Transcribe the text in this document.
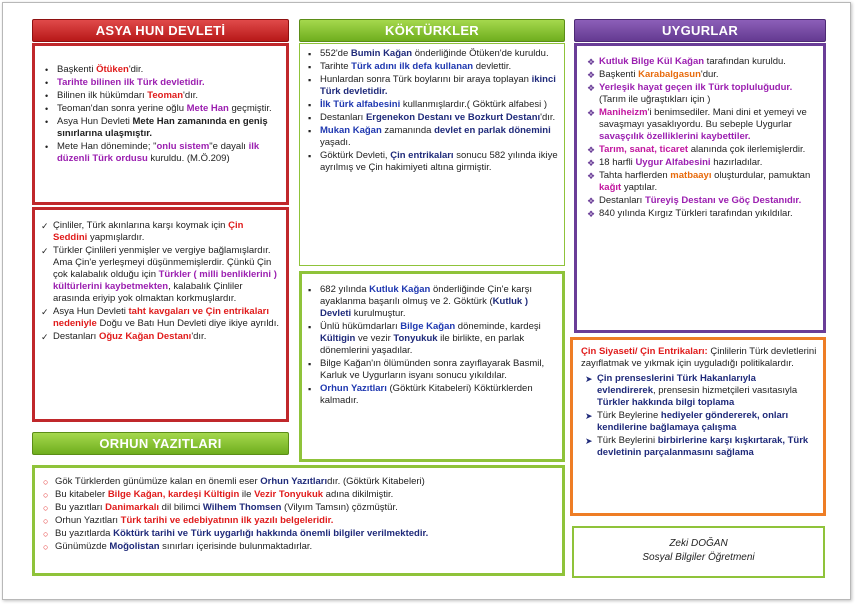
ASYA HUN DEVLETİ	KÖKTÜRKLER	UYGURLAR
ORHUN YAZITLARI
• Başkenti Ötüken'dir.
• Tarihte bilinen ilk Türk devletidir.
• Bilinen ilk hükümdarı Teoman'dır.
• Teoman'dan sonra yerine oğlu Mete Han geçmiştir.
• Asya Hun Devleti Mete Han zamanında en geniş sınırlarına ulaşmıştır.
• Mete Han döneminde; "onlu sistem"e dayalı ilk düzenli Türk ordusu kuruldu. (M.Ö.209)
✓ Çinliler, Türk akınlarına karşı koymak için Çin Seddini yapmışlardır.
✓ Türkler Çinlileri yenmişler ve vergiye bağlamışlardır. Ama Çin'e yerleşmeyi düşünmemişlerdir. Çünkü Çin çok kalabalık olduğu için Türkler ( milli benliklerini ) kültürlerini kaybetmekten, kalabalık Çinliler arasında eriyip yok olmaktan korkmuşlardır.
✓ Asya Hun Devleti taht kavgaları ve Çin entrikaları nedeniyle Doğu ve Batı Hun Devleti diye ikiye ayrıldı.
✓ Destanları Oğuz Kağan Destanı'dır.
▪ 552'de Bumin Kağan önderliğinde Ötüken'de kuruldu.
▪ Tarihte Türk adını ilk defa kullanan devlettir.
▪ Hunlardan sonra Türk boylarını bir araya toplayan ikinci Türk devletidir.
▪ İlk Türk alfabesini kullanmışlardır.( Göktürk alfabesi )
▪ Destanları Ergenekon Destanı ve Bozkurt Destanı'dır.
▪ Mukan Kağan zamanında devlet en parlak dönemini yaşadı.
▪ Göktürk Devleti, Çin entrikaları sonucu 582 yılında ikiye ayrılmış ve Çin hakimiyeti altına girmiştir.
▪ 682 yılında Kutluk Kağan önderliğinde Çin'e karşı ayaklanma başarılı olmuş ve 2. Göktürk (Kutluk ) Devleti kurulmuştur.
▪ Ünlü hükümdarları Bilge Kağan döneminde, kardeşi Kültigin ve vezir Tonyukuk ile birlikte, en parlak dönemlerini yaşadılar.
▪ Bilge Kağan'ın ölümünden sonra zayıflayarak Basmil, Karluk ve Uygurların isyanı sonucu yıkıldılar.
▪ Orhun Yazıtları (Göktürk Kitabeleri) Köktürklerden kalmadır.
❖ Kutluk Bilge Kül Kağan tarafından kuruldu.
❖ Başkenti Karabalgasun'dur.
❖ Yerleşik hayat geçen ilk Türk topluluğudur. (Tarım ile uğraştıkları için )
❖ Maniheizm'i benimsediler. Mani dini et yemeyi ve savaşmayı yasaklıyordu. Bu sebeple Uygurlar savaşçılık özelliklerini kaybettiler.
❖ Tarım, sanat, ticaret alanında çok ilerlemişlerdir.
❖ 18 harfli Uygur Alfabesini hazırladılar.
❖ Tahta harflerden matbaayı oluşturdular, pamuktan kağıt yaptılar.
❖ Destanları Türeyiş Destanı ve Göç Destanıdır.
❖ 840 yılında Kırgız Türkleri tarafından yıkıldılar.
Çin Siyaseti/ Çin Entrikaları: Çinlilerin Türk devletlerini zayıflatmak ve yıkmak için uyguladığı politikalardır.
➤ Çin prenseslerini Türk Hakanlarıyla evlendirerek, prensesin hizmetçileri vasıtasıyla Türkler hakkında bilgi toplama
➤ Türk Beylerine hediyeler göndererek, onları kendilerine bağlamaya çalışma
➤ Türk Beylerini birbirlerine karşı kışkırtarak, Türk devletinin parçalanmasını sağlama
○ Gök Türklerden günümüze kalan en önemli eser Orhun Yazıtlarıdır. (Göktürk Kitabeleri)
○ Bu kitabeler Bilge Kağan, kardeşi Kültigin ile Vezir Tonyukuk adına dikilmiştir.
○ Bu yazıtları Danimarkalı dil bilimci Wilhem Thomsen (Vilyım Tamsın) çözmüştür.
○ Orhun Yazıtları Türk tarihi ve edebiyatının ilk yazılı belgeleridir.
○ Bu yazıtlarda Köktürk tarihi ve Türk uygarlığı hakkında önemli bilgiler verilmektedir.
○ Günümüzde Moğolistan sınırları içerisinde bulunmaktadırlar.	Zeki DOĞAN
Sosyal Bilgiler Öğretmeni
